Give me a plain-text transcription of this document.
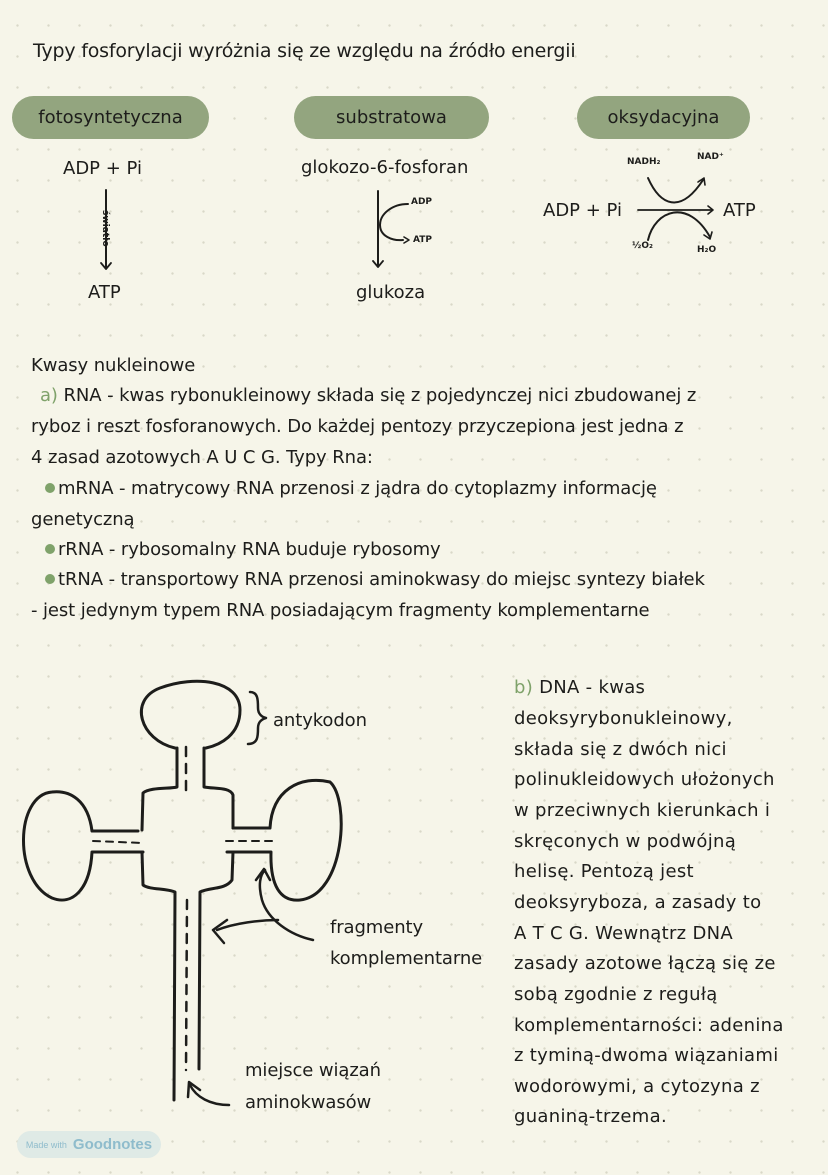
Typy fosforylacji wyróżnia się ze względu na źródło energii
fotosyntetyczna	substratowa	oksydacyjna
ADP + Pi
światło
ATP
glokozo-6-fosforan
ADP
ATP
glukoza
ADP + Pi	ATP
NADH₂	NAD⁺
½O₂	H₂O
Kwasy nukleinowe
a) RNA - kwas rybonukleinowy składa się z pojedynczej nici zbudowanej z
ryboz i reszt fosforanowych. Do każdej pentozy przyczepiona jest jedna z
4 zasad azotowych A U C G. Typy Rna:
mRNA - matrycowy RNA przenosi z jądra do cytoplazmy informację
genetyczną
rRNA - rybosomalny RNA buduje rybosomy
tRNA - transportowy RNA przenosi aminokwasy do miejsc syntezy białek
- jest jedynym typem RNA posiadającym fragmenty komplementarne
antykodon
fragmenty
komplementarne
miejsce wiązań
aminokwasów
b) DNA - kwas
deoksyrybonukleinowy,
składa się z dwóch nici
polinukleidowych ułożonych
w przeciwnych kierunkach i
skręconych w podwójną
helisę. Pentozą jest
deoksyryboza, a zasady to
A T C G. Wewnątrz DNA
zasady azotowe łączą się ze
sobą zgodnie z regułą
komplementarności: adenina
z tyminą-dwoma wiązaniami
wodorowymi, a cytozyna z
guaniną-trzema.
Made with Goodnotes
